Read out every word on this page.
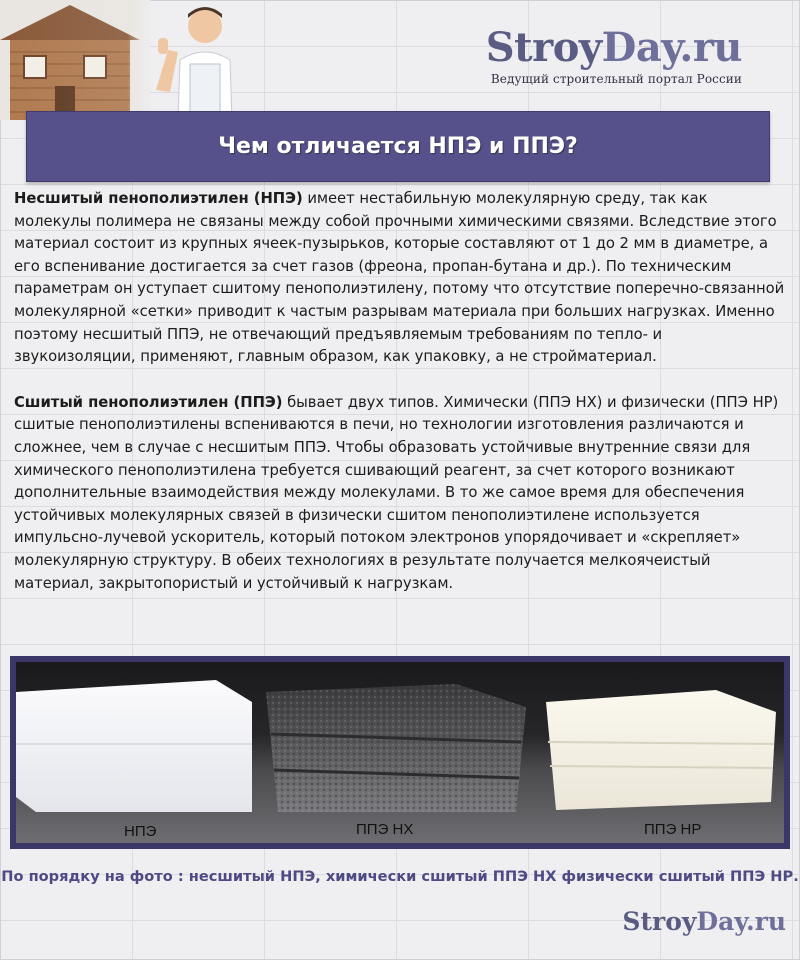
StroyDay.ru
Ведущий строительный портал России
Чем отличается НПЭ и ППЭ?

Несшитый пенополиэтилен (НПЭ) имеет нестабильную молекулярную среду, так как молекулы полимера не связаны между собой прочными химическими связями. Вследствие этого материал состоит из крупных ячеек-пузырьков, которые составляют от 1 до 2 мм в диаметре, а его вспенивание достигается за счет газов (фреона, пропан-бутана и др.). По техническим параметрам он уступает сшитому пенополиэтилену, потому что отсутствие поперечно-связанной молекулярной «сетки» приводит к частым разрывам материала при больших нагрузках. Именно поэтому несшитый ППЭ, не отвечающий предъявляемым требованиям по тепло- и звукоизоляции, применяют, главным образом, как упаковку, а не стройматериал.

Сшитый пенополиэтилен (ППЭ) бывает двух типов. Химически (ППЭ НХ) и физически (ППЭ НР) сшитые пенополиэтилены вспениваются в печи, но технологии изготовления различаются и сложнее, чем в случае с несшитым ППЭ. Чтобы образовать устойчивые внутренние связи для химического пенополиэтилена требуется сшивающий реагент, за счет которого возникают дополнительные взаимодействия между молекулами. В то же самое время для обеспечения устойчивых молекулярных связей в физически сшитом пенополиэтилене используется импульсно-лучевой ускоритель, который потоком электронов упорядочивает и «скрепляет» молекулярную структуру. В обеих технологиях в результате получается мелкоячеистый материал, закрытопористый и устойчивый к нагрузкам.

НПЭ	ППЭ НХ	ППЭ НР
По порядку на фото : несшитый НПЭ, химически сшитый ППЭ НХ физически сшитый ППЭ НР.
StroyDay.ru
